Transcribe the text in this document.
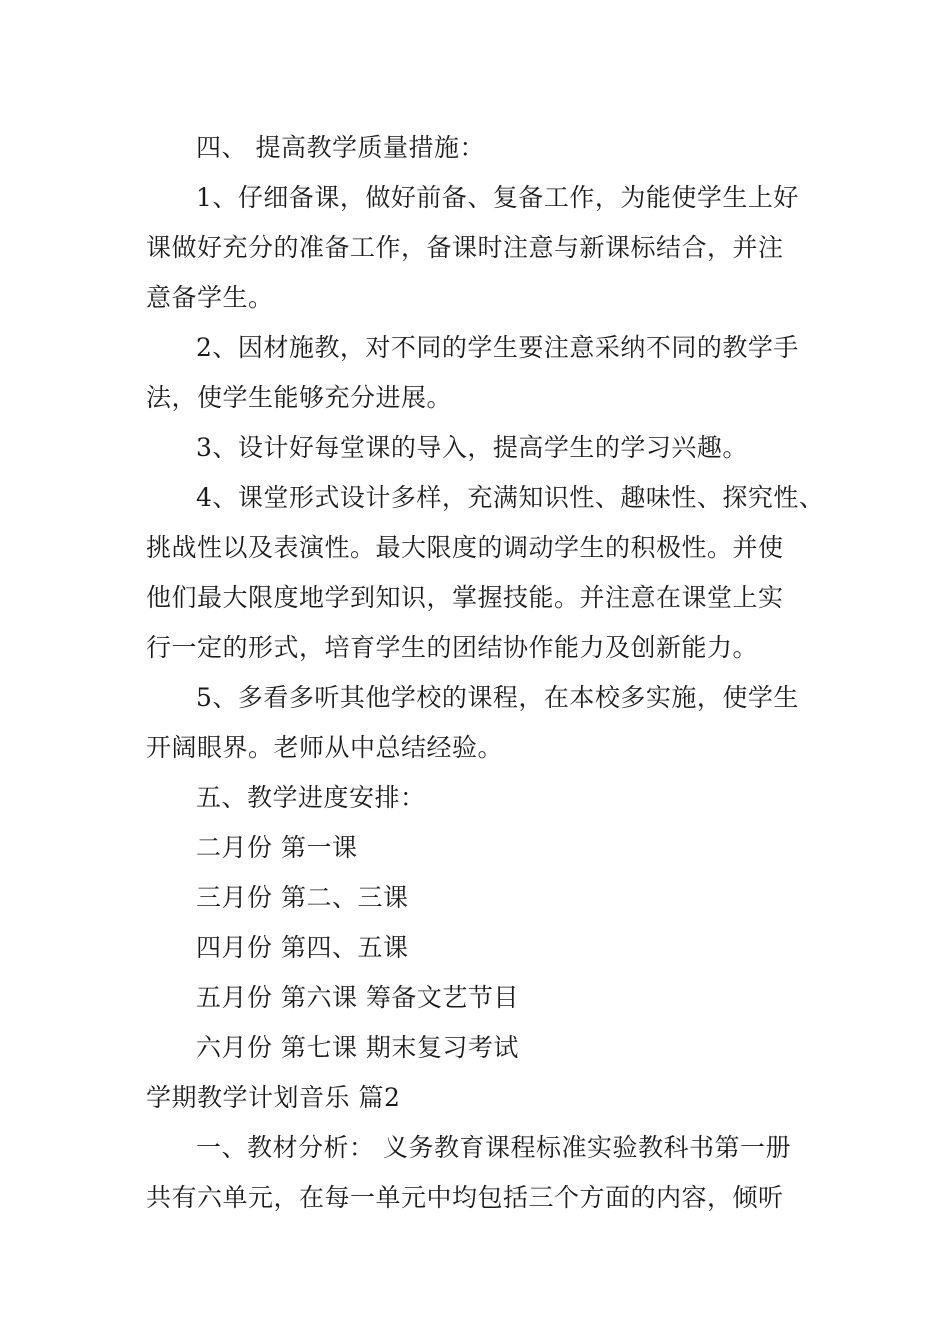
四、 提高教学质量措施：
1、仔细备课，做好前备、复备工作，为能使学生上好
课做好充分的准备工作，备课时注意与新课标结合，并注
意备学生。
2、因材施教，对不同的学生要注意采纳不同的教学手
法，使学生能够充分进展。
3、设计好每堂课的导入，提高学生的学习兴趣。
4、课堂形式设计多样，充满知识性、趣味性、探究性、
挑战性以及表演性。最大限度的调动学生的积极性。并使
他们最大限度地学到知识，掌握技能。并注意在课堂上实
行一定的形式，培育学生的团结协作能力及创新能力。
5、多看多听其他学校的课程，在本校多实施，使学生
开阔眼界。老师从中总结经验。
五、教学进度安排：
二月份 第一课
三月份 第二、三课
四月份 第四、五课
五月份 第六课 筹备文艺节目
六月份 第七课 期末复习考试
学期教学计划音乐 篇2
一、教材分析： 义务教育课程标准实验教科书第一册
共有六单元，在每一单元中均包括三个方面的内容，倾听
